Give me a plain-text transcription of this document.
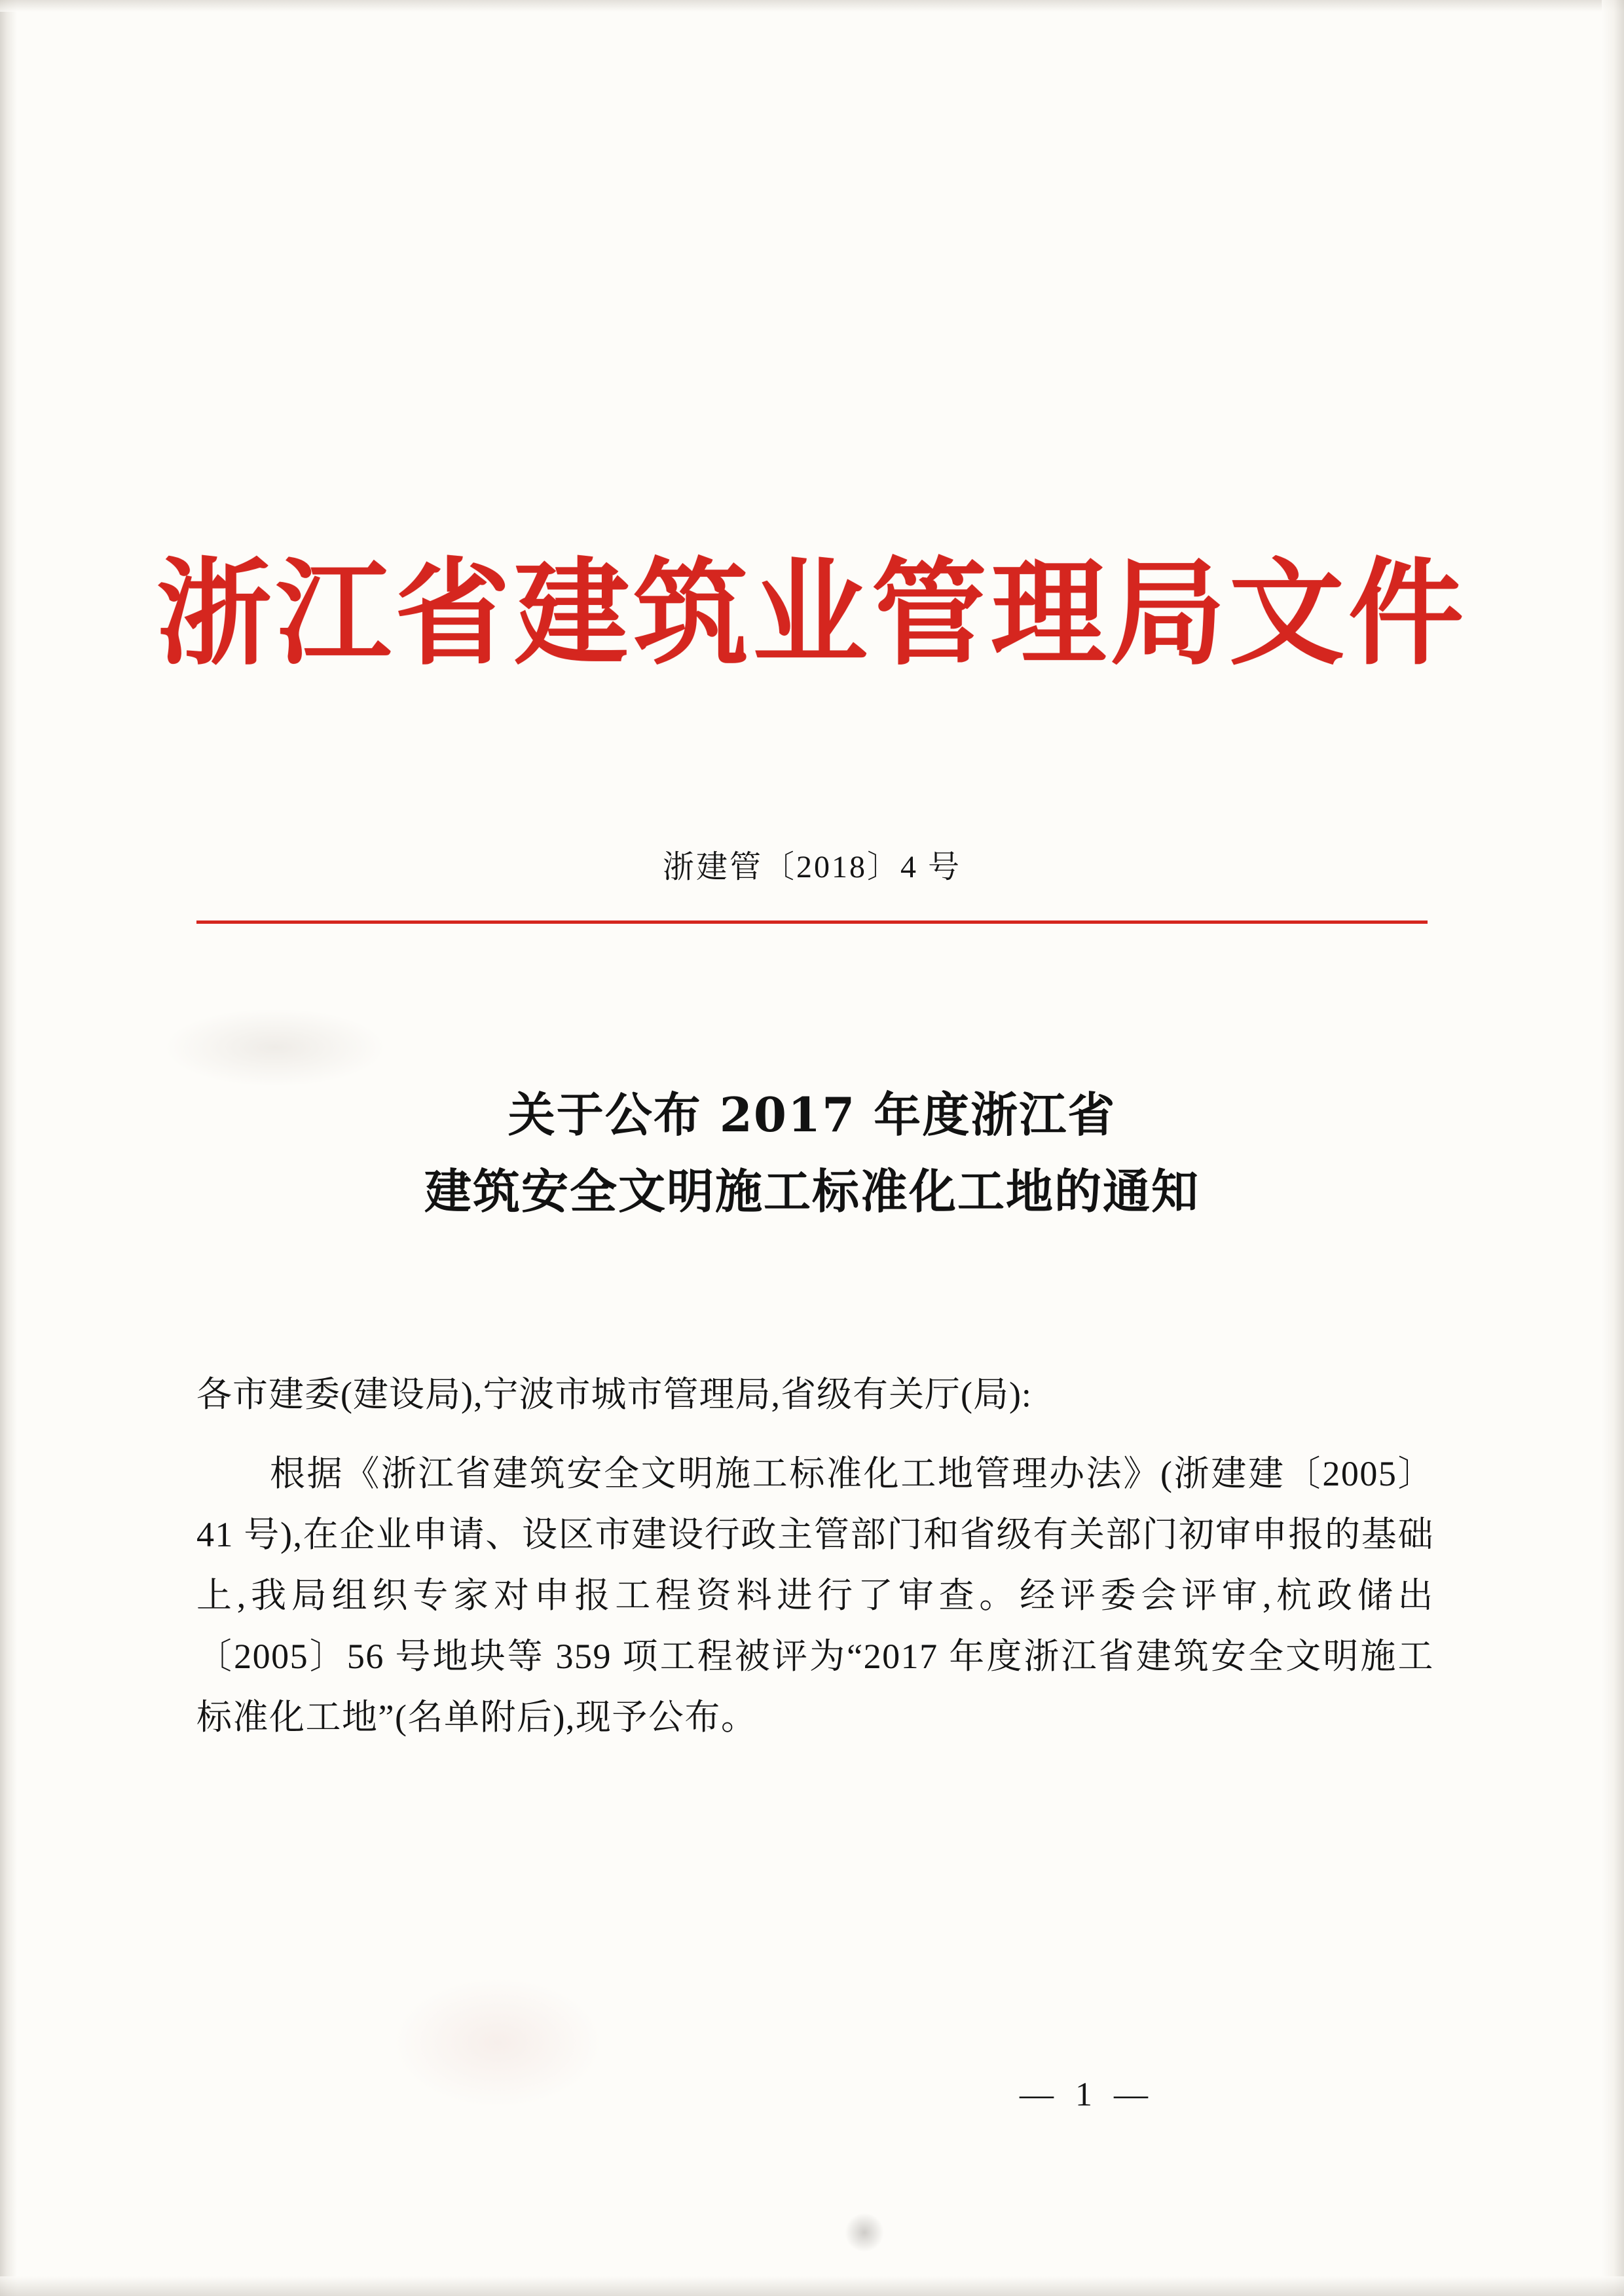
浙江省建筑业管理局文件
浙建管〔2018〕4 号
关于公布 2017 年度浙江省
建筑安全文明施工标准化工地的通知
各市建委(建设局),宁波市城市管理局,省级有关厅(局):
根据《浙江省建筑安全文明施工标准化工地管理办法》(浙建建〔2005〕41 号),在企业申请、设区市建设行政主管部门和省级有关部门初审申报的基础上,我局组织专家对申报工程资料进行了审查。经评委会评审,杭政储出〔2005〕56 号地块等 359 项工程被评为“2017 年度浙江省建筑安全文明施工标准化工地”(名单附后),现予公布。
— 1 —
